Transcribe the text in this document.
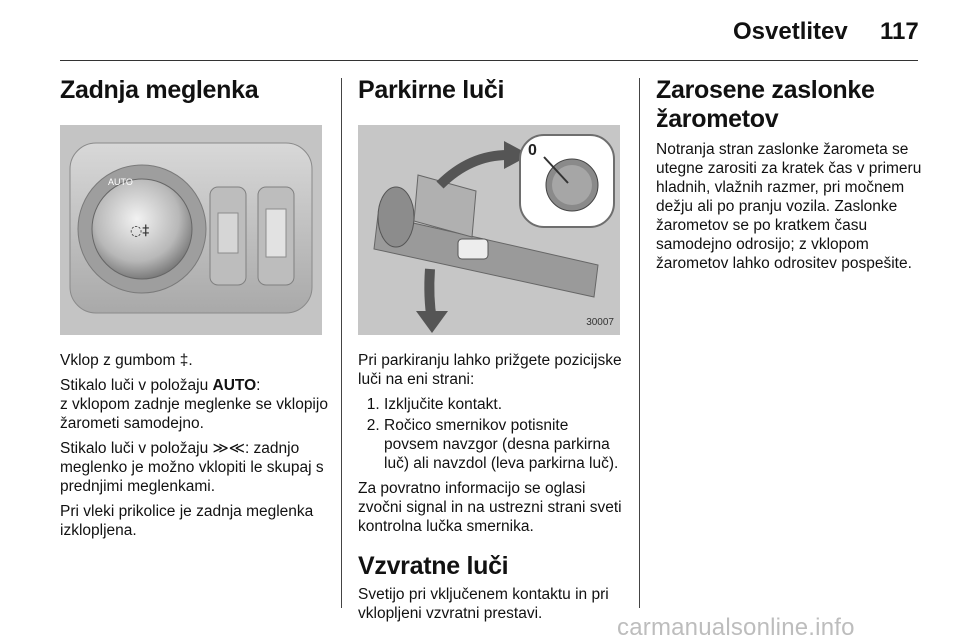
Osvetlitev 117
Zadnja meglenka
AUTO
◌‡

Vklop z gumbom ‡.

Stikalo luči v položaju AUTO:
z vklopom zadnje meglenke se vklopijo žarometi samodejno.

Stikalo luči v položaju ≫≪: zadnjo meglenko je možno vklopiti le skupaj s prednjimi meglenkami.

Pri vleki prikolice je zadnja meglenka izklopljena.

Parkirne luči
0
30007

Pri parkiranju lahko prižgete pozicijske luči na eni strani:

1. Izključite kontakt.
2. Ročico smernikov potisnite povsem navzgor (desna parkirna luč) ali navzdol (leva parkirna luč).

Za povratno informacijo se oglasi zvočni signal in na ustrezni strani sveti kontrolna lučka smernika.

Vzvratne luči

Svetijo pri vključenem kontaktu in pri vklopljeni vzvratni prestavi.

Zarosene zaslonke žarometov

Notranja stran zaslonke žarometa se utegne zarositi za kratek čas v primeru hladnih, vlažnih razmer, pri močnem dežju ali po pranju vozila. Zaslonke žarometov se po kratkem času samodejno odrosijo; z vklopom žarometov lahko odrositev pospešite.

carmanualsonline.info
